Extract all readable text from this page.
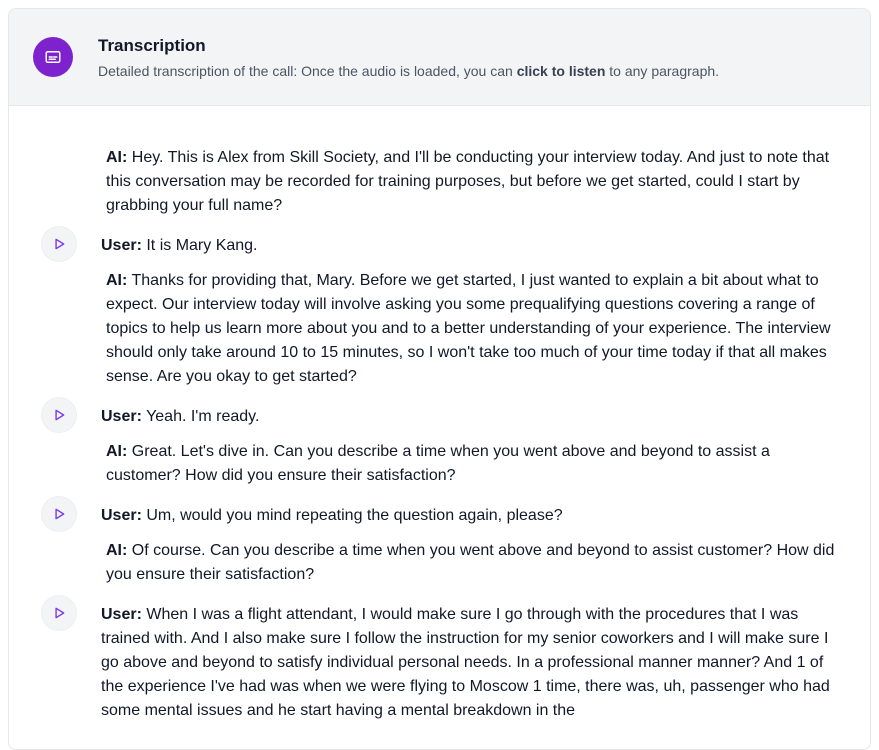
Transcription

Detailed transcription of the call: Once the audio is loaded, you can click to listen to any paragraph.

AI: Hey. This is Alex from Skill Society, and I'll be conducting your interview today. And just to note that this conversation may be recorded for training purposes, but before we get started, could I start by grabbing your full name?
User: It is Mary Kang.
AI: Thanks for providing that, Mary. Before we get started, I just wanted to explain a bit about what to expect. Our interview today will involve asking you some prequalifying questions covering a range of topics to help us learn more about you and to a better understanding of your experience. The interview should only take around 10 to 15 minutes, so I won't take too much of your time today if that all makes sense. Are you okay to get started?
User: Yeah. I'm ready.
AI: Great. Let's dive in. Can you describe a time when you went above and beyond to assist a customer? How did you ensure their satisfaction?
User: Um, would you mind repeating the question again, please?
AI: Of course. Can you describe a time when you went above and beyond to assist customer? How did you ensure their satisfaction?
User: When I was a flight attendant, I would make sure I go through with the procedures that I was trained with. And I also make sure I follow the instruction for my senior coworkers and I will make sure I go above and beyond to satisfy individual personal needs. In a professional manner manner? And 1 of the experience I've had was when we were flying to Moscow 1 time, there was, uh, passenger who had some mental issues and he start having a mental breakdown in the
